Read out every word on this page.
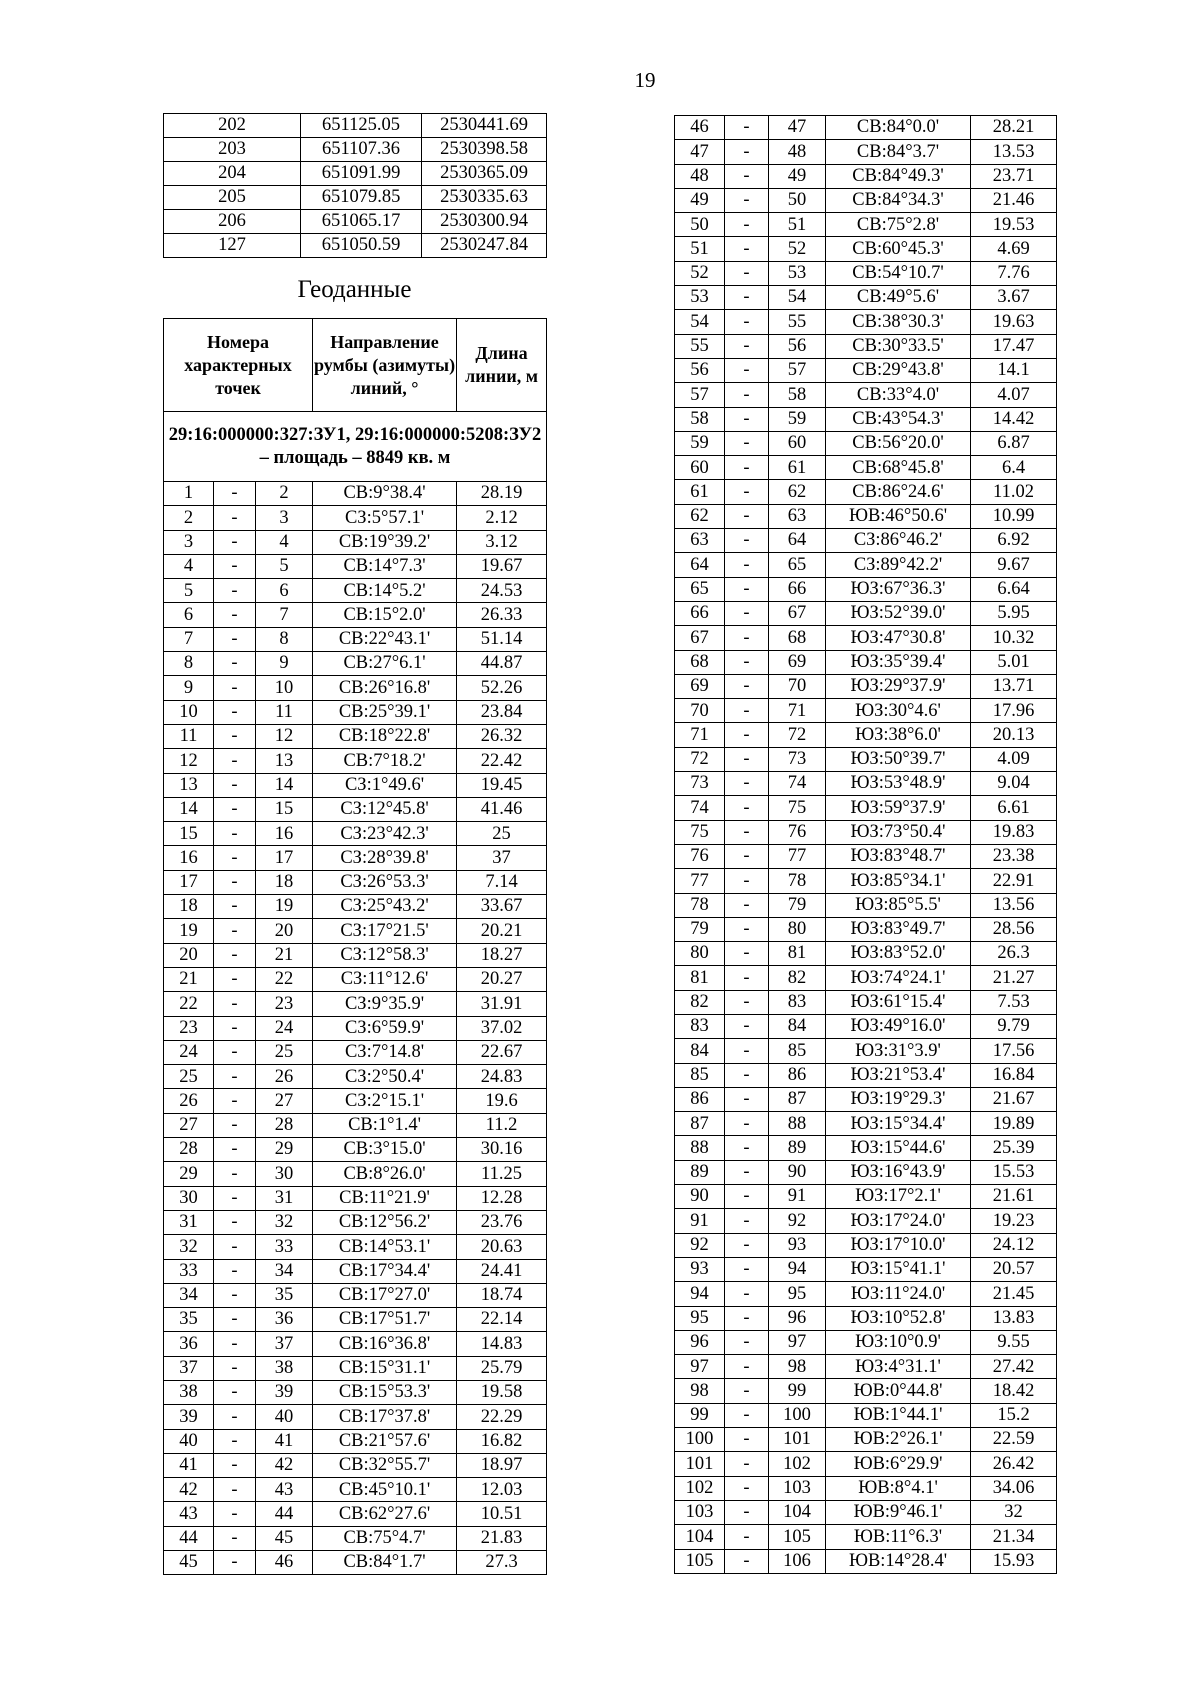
19
202	651125.05	2530441.69
203	651107.36	2530398.58
204	651091.99	2530365.09
205	651079.85	2530335.63
206	651065.17	2530300.94
127	651050.59	2530247.84
Геоданные
Номера характерных точек			Направление румбы (азимуты) линий, °	Длина линии, м
29:16:000000:327:ЗУ1, 29:16:000000:5208:ЗУ2 – площадь – 8849 кв. м				
1	-	2	СВ:9°38.4'	28.19
2	-	3	СЗ:5°57.1'	2.12
3	-	4	СВ:19°39.2'	3.12
4	-	5	СВ:14°7.3'	19.67
5	-	6	СВ:14°5.2'	24.53
6	-	7	СВ:15°2.0'	26.33
7	-	8	СВ:22°43.1'	51.14
8	-	9	СВ:27°6.1'	44.87
9	-	10	СВ:26°16.8'	52.26
10	-	11	СВ:25°39.1'	23.84
11	-	12	СВ:18°22.8'	26.32
12	-	13	СВ:7°18.2'	22.42
13	-	14	СЗ:1°49.6'	19.45
14	-	15	СЗ:12°45.8'	41.46
15	-	16	СЗ:23°42.3'	25
16	-	17	СЗ:28°39.8'	37
17	-	18	СЗ:26°53.3'	7.14
18	-	19	СЗ:25°43.2'	33.67
19	-	20	СЗ:17°21.5'	20.21
20	-	21	СЗ:12°58.3'	18.27
21	-	22	СЗ:11°12.6'	20.27
22	-	23	СЗ:9°35.9'	31.91
23	-	24	СЗ:6°59.9'	37.02
24	-	25	СЗ:7°14.8'	22.67
25	-	26	СЗ:2°50.4'	24.83
26	-	27	СЗ:2°15.1'	19.6
27	-	28	СВ:1°1.4'	11.2
28	-	29	СВ:3°15.0'	30.16
29	-	30	СВ:8°26.0'	11.25
30	-	31	СВ:11°21.9'	12.28
31	-	32	СВ:12°56.2'	23.76
32	-	33	СВ:14°53.1'	20.63
33	-	34	СВ:17°34.4'	24.41
34	-	35	СВ:17°27.0'	18.74
35	-	36	СВ:17°51.7'	22.14
36	-	37	СВ:16°36.8'	14.83
37	-	38	СВ:15°31.1'	25.79
38	-	39	СВ:15°53.3'	19.58
39	-	40	СВ:17°37.8'	22.29
40	-	41	СВ:21°57.6'	16.82
41	-	42	СВ:32°55.7'	18.97
42	-	43	СВ:45°10.1'	12.03
43	-	44	СВ:62°27.6'	10.51
44	-	45	СВ:75°4.7'	21.83
45	-	46	СВ:84°1.7'	27.3
46	-	47	СВ:84°0.0'	28.21
47	-	48	СВ:84°3.7'	13.53
48	-	49	СВ:84°49.3'	23.71
49	-	50	СВ:84°34.3'	21.46
50	-	51	СВ:75°2.8'	19.53
51	-	52	СВ:60°45.3'	4.69
52	-	53	СВ:54°10.7'	7.76
53	-	54	СВ:49°5.6'	3.67
54	-	55	СВ:38°30.3'	19.63
55	-	56	СВ:30°33.5'	17.47
56	-	57	СВ:29°43.8'	14.1
57	-	58	СВ:33°4.0'	4.07
58	-	59	СВ:43°54.3'	14.42
59	-	60	СВ:56°20.0'	6.87
60	-	61	СВ:68°45.8'	6.4
61	-	62	СВ:86°24.6'	11.02
62	-	63	ЮВ:46°50.6'	10.99
63	-	64	СЗ:86°46.2'	6.92
64	-	65	СЗ:89°42.2'	9.67
65	-	66	ЮЗ:67°36.3'	6.64
66	-	67	ЮЗ:52°39.0'	5.95
67	-	68	ЮЗ:47°30.8'	10.32
68	-	69	ЮЗ:35°39.4'	5.01
69	-	70	ЮЗ:29°37.9'	13.71
70	-	71	ЮЗ:30°4.6'	17.96
71	-	72	ЮЗ:38°6.0'	20.13
72	-	73	ЮЗ:50°39.7'	4.09
73	-	74	ЮЗ:53°48.9'	9.04
74	-	75	ЮЗ:59°37.9'	6.61
75	-	76	ЮЗ:73°50.4'	19.83
76	-	77	ЮЗ:83°48.7'	23.38
77	-	78	ЮЗ:85°34.1'	22.91
78	-	79	ЮЗ:85°5.5'	13.56
79	-	80	ЮЗ:83°49.7'	28.56
80	-	81	ЮЗ:83°52.0'	26.3
81	-	82	ЮЗ:74°24.1'	21.27
82	-	83	ЮЗ:61°15.4'	7.53
83	-	84	ЮЗ:49°16.0'	9.79
84	-	85	ЮЗ:31°3.9'	17.56
85	-	86	ЮЗ:21°53.4'	16.84
86	-	87	ЮЗ:19°29.3'	21.67
87	-	88	ЮЗ:15°34.4'	19.89
88	-	89	ЮЗ:15°44.6'	25.39
89	-	90	ЮЗ:16°43.9'	15.53
90	-	91	ЮЗ:17°2.1'	21.61
91	-	92	ЮЗ:17°24.0'	19.23
92	-	93	ЮЗ:17°10.0'	24.12
93	-	94	ЮЗ:15°41.1'	20.57
94	-	95	ЮЗ:11°24.0'	21.45
95	-	96	ЮЗ:10°52.8'	13.83
96	-	97	ЮЗ:10°0.9'	9.55
97	-	98	ЮЗ:4°31.1'	27.42
98	-	99	ЮВ:0°44.8'	18.42
99	-	100	ЮВ:1°44.1'	15.2
100	-	101	ЮВ:2°26.1'	22.59
101	-	102	ЮВ:6°29.9'	26.42
102	-	103	ЮВ:8°4.1'	34.06
103	-	104	ЮВ:9°46.1'	32
104	-	105	ЮВ:11°6.3'	21.34
105	-	106	ЮВ:14°28.4'	15.93
